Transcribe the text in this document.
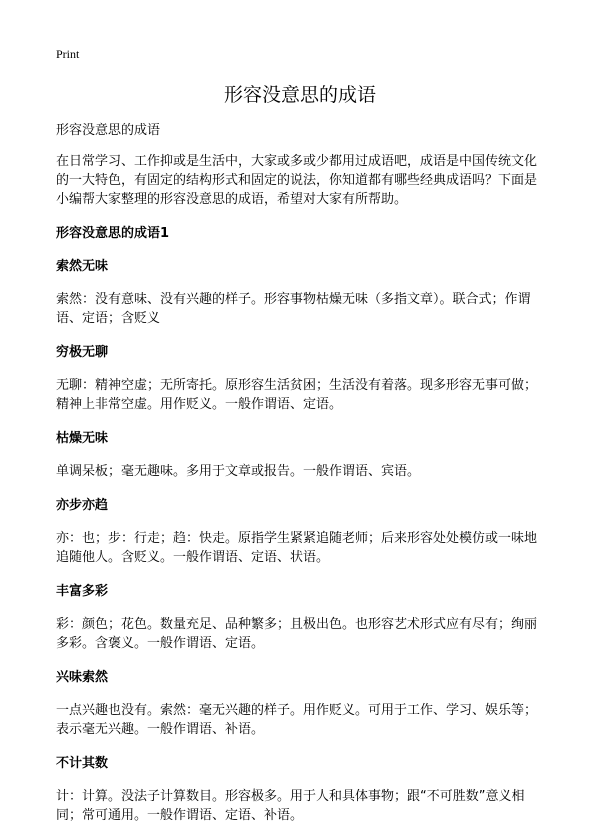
Print
形容没意思的成语

形容没意思的成语

在日常学习、工作抑或是生活中，大家或多或少都用过成语吧，成语是中国传统文化的一大特色，有固定的结构形式和固定的说法，你知道都有哪些经典成语吗？下面是小编帮大家整理的形容没意思的成语，希望对大家有所帮助。

形容没意思的成语1
索然无味

索然：没有意味、没有兴趣的样子。形容事物枯燥无味（多指文章）。联合式；作谓语、定语；含贬义

穷极无聊

无聊：精神空虚；无所寄托。原形容生活贫困；生活没有着落。现多形容无事可做；精神上非常空虚。用作贬义。一般作谓语、定语。

枯燥无味

单调呆板；毫无趣味。多用于文章或报告。一般作谓语、宾语。

亦步亦趋

亦：也；步：行走；趋：快走。原指学生紧紧追随老师；后来形容处处模仿或一味地追随他人。含贬义。一般作谓语、定语、状语。

丰富多彩

彩：颜色；花色。数量充足、品种繁多；且极出色。也形容艺术形式应有尽有；绚丽多彩。含褒义。一般作谓语、定语。

兴味索然

一点兴趣也没有。索然：毫无兴趣的样子。用作贬义。可用于工作、学习、娱乐等；表示毫无兴趣。一般作谓语、补语。

不计其数

计：计算。没法子计算数目。形容极多。用于人和具体事物；跟“不可胜数”意义相同；常可通用。一般作谓语、定语、补语。
